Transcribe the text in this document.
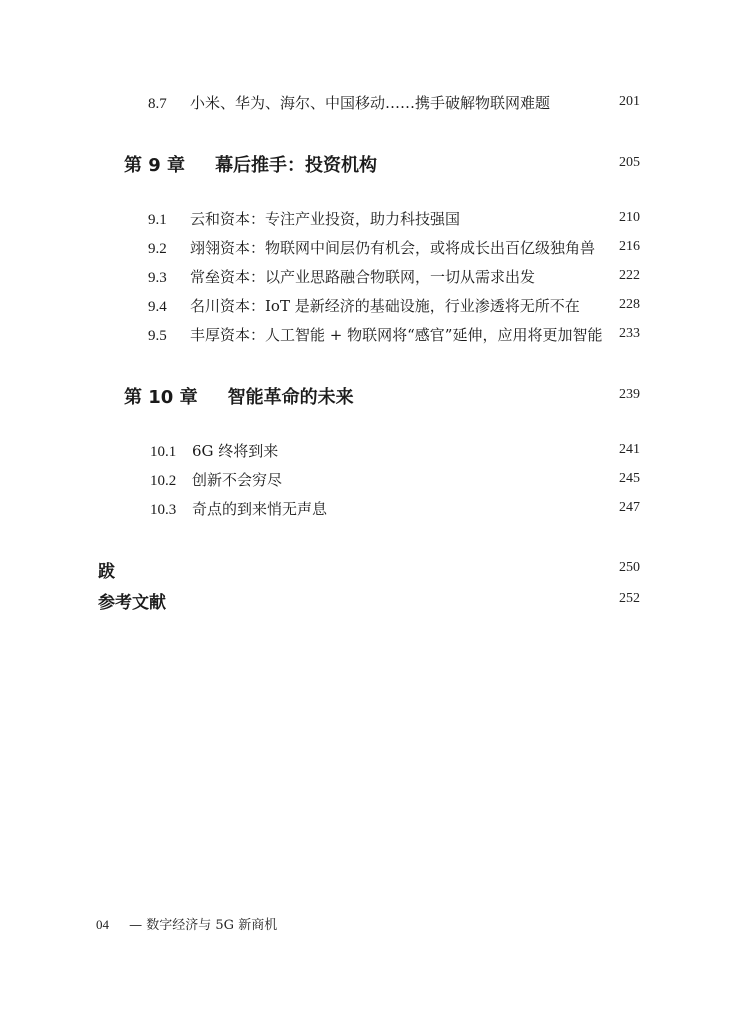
8.7	小米、华为、海尔、中国移动……携手破解物联网难题	201
第 9 章 幕后推手：投资机构	205
9.1	云和资本：专注产业投资，助力科技强国	210
9.2	翊翎资本：物联网中间层仍有机会，或将成长出百亿级独角兽	216
9.3	常垒资本：以产业思路融合物联网，一切从需求出发	222
9.4	名川资本：IoT 是新经济的基础设施，行业渗透将无所不在	228
9.5	丰厚资本：人工智能 + 物联网将“感官”延伸，应用将更加智能	233
第 10 章 智能革命的未来	239
10.1	6G 终将到来	241
10.2	创新不会穷尽	245
10.3	奇点的到来悄无声息	247
跋	250
参考文献	252
04 — 数字经济与 5G 新商机
